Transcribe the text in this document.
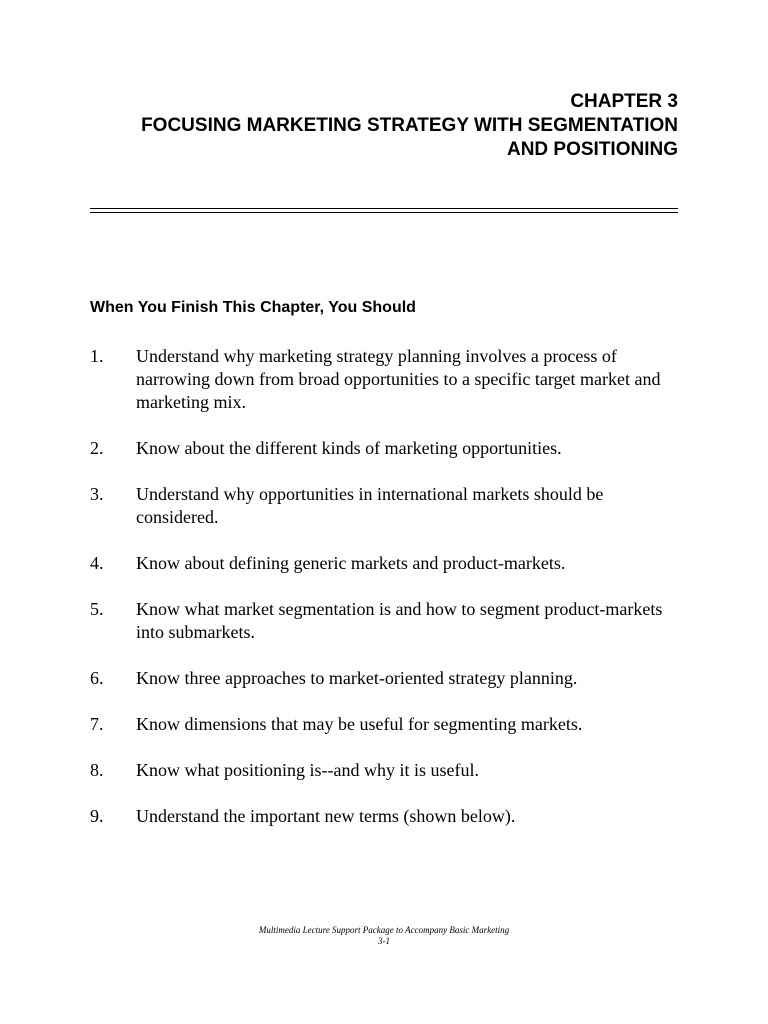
CHAPTER 3
FOCUSING MARKETING STRATEGY WITH SEGMENTATION
AND POSITIONING
When You Finish This Chapter, You Should
1. Understand why marketing strategy planning involves a process of narrowing down from broad opportunities to a specific target market and marketing mix.
2. Know about the different kinds of marketing opportunities.
3. Understand why opportunities in international markets should be considered.
4. Know about defining generic markets and product-markets.
5. Know what market segmentation is and how to segment product-markets into submarkets.
6. Know three approaches to market-oriented strategy planning.
7. Know dimensions that may be useful for segmenting markets.
8. Know what positioning is--and why it is useful.
9. Understand the important new terms (shown below).
Multimedia Lecture Support Package to Accompany Basic Marketing
3-1
